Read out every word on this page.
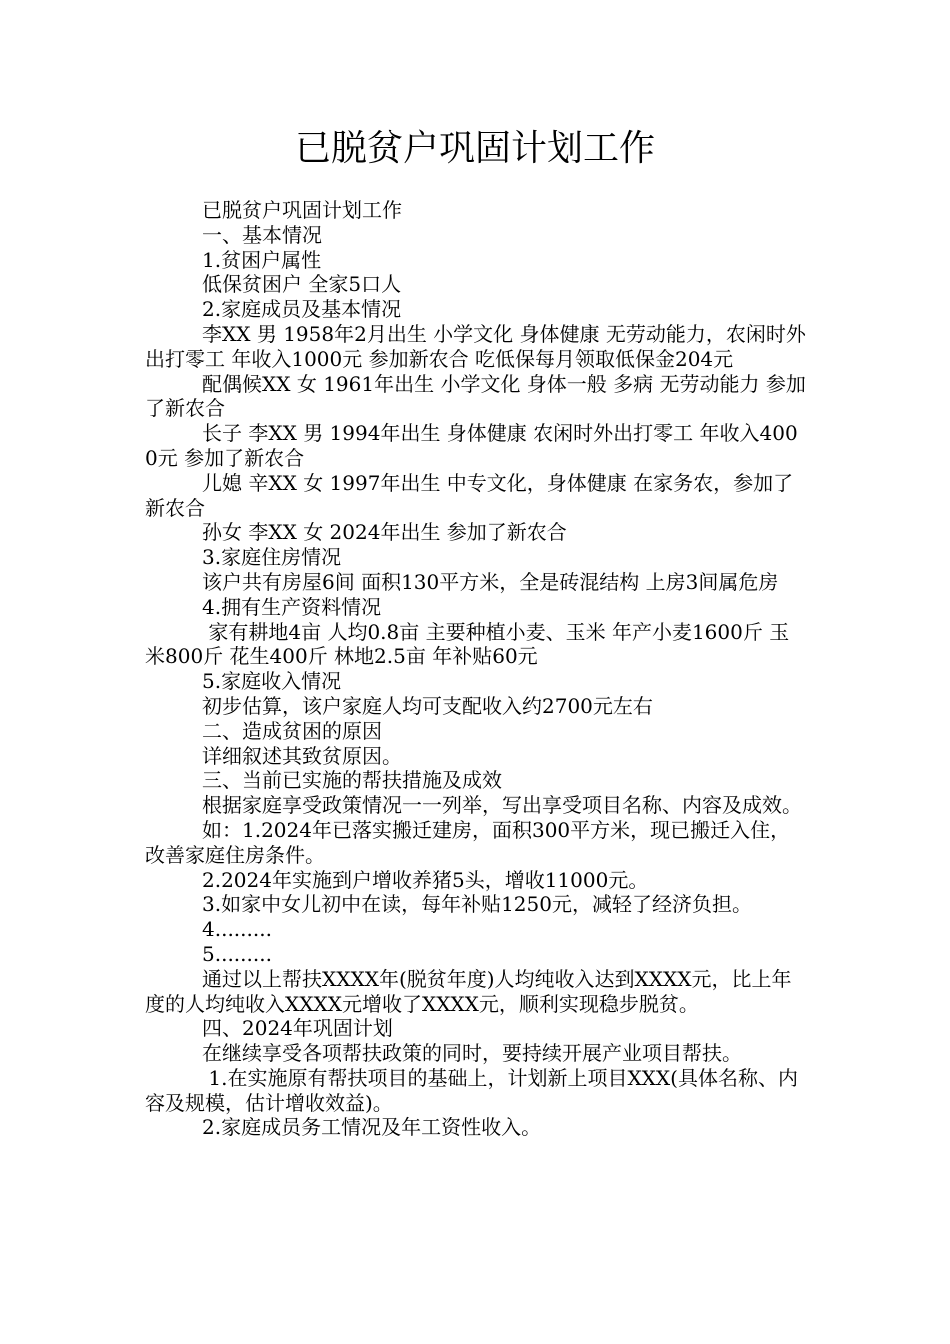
已脱贫户巩固计划工作

已脱贫户巩固计划工作

一、基本情况

1.贫困户属性

低保贫困户 全家5口人

2.家庭成员及基本情况

李XX 男 1958年2月出生 小学文化 身体健康 无劳动能力，农闲时外出打零工 年收入1000元 参加新农合 吃低保每月领取低保金204元

配偶候XX 女 1961年出生 小学文化 身体一般 多病 无劳动能力 参加了新农合

长子 李XX 男 1994年出生 身体健康 农闲时外出打零工 年收入4000元 参加了新农合

儿媳 辛XX 女 1997年出生 中专文化，身体健康 在家务农，参加了新农合

孙女 李XX 女 2024年出生 参加了新农合

3.家庭住房情况

该户共有房屋6间 面积130平方米，全是砖混结构 上房3间属危房

4.拥有生产资料情况

家有耕地4亩 人均0.8亩 主要种植小麦、玉米 年产小麦1600斤 玉米800斤 花生400斤 林地2.5亩 年补贴60元

5.家庭收入情况

初步估算，该户家庭人均可支配收入约2700元左右

二、造成贫困的原因

详细叙述其致贫原因。

三、当前已实施的帮扶措施及成效

根据家庭享受政策情况一一列举，写出享受项目名称、内容及成效。

如：1.2024年已落实搬迁建房，面积300平方米，现已搬迁入住，改善家庭住房条件。

2.2024年实施到户增收养猪5头，增收11000元。

3.如家中女儿初中在读，每年补贴1250元，减轻了经济负担。

4.........

5.........

通过以上帮扶XXXX年(脱贫年度)人均纯收入达到XXXX元，比上年度的人均纯收入XXXX元增收了XXXX元，顺利实现稳步脱贫。

四、2024年巩固计划

在继续享受各项帮扶政策的同时，要持续开展产业项目帮扶。

1.在实施原有帮扶项目的基础上，计划新上项目XXX(具体名称、内容及规模，估计增收效益)。

2.家庭成员务工情况及年工资性收入。
